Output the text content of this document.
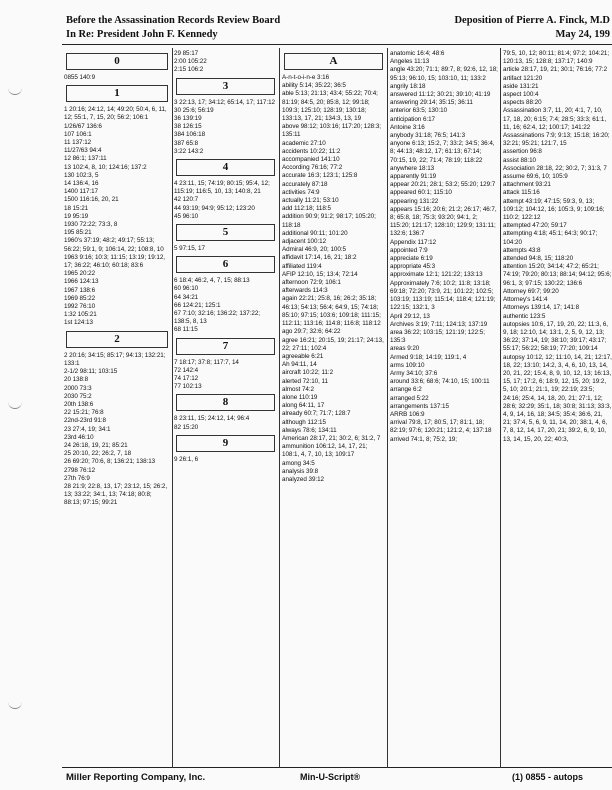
Before the Assassination Records Review Board
In Re: President John F. Kennedy
Deposition of Pierre A. Finck, M.D
May 24, 199
0
0855 140:9
1
1 20:16; 24:12, 14; 49:20; 50:4, 6, 11, 12; 55:1, 7, 15, 20; 56:2; 106:1
1/26/67 136:6
107 106:1
11 137:12
11/27/63 94:4
12 86:1; 137:11
13 102:4, 8, 10; 124:16; 137:2
130 102:3, 5
14 136:4, 16
1400 117:17
1500 116:16, 20, 21
18 15:21
19 95:19
1930 72:22; 73:3, 8
195 85:21
1960's 37:19; 48:2; 49:17; 55:13; 56:22; 59:1, 9; 106:14, 22; 108:8, 10
1963 9:16; 10:3; 11:15; 13:19; 19:12, 17; 36:22; 46:10; 60:18; 83:6
1965 20:22
1966 124:13
1967 138:6
1969 85:22
1992 76:10
1:32 105:21
1st 124:13
2
2 20:16; 34:15; 85:17; 94:13; 132:21; 133:1
2-1/2 98:11; 103:15
20 138:8
2000 73:3
2030 75:2
20th 138:6
22 15:21; 76:8
22nd-23rd 91:8
23 27:4, 19; 34:1
23rd 46:10
24 26:18, 19, 21; 85:21
25 20:10, 22; 26:2, 7, 18
26 69:20; 70:6, 8; 136:21; 138:13
2798 76:12
27th 76:9
28 21:9; 22:8, 13, 17; 23:12, 15; 26:2, 13; 33:22; 34:1, 13; 74:18; 80:8; 88:13; 97:15; 99:21
29 85:17
2:00 105:22
2:15 106:2
3
3 22:13, 17; 34:12; 65:14, 17; 117:12
30 25:6; 56:19
36 139:19
38 126:15
384 106:18
387 65:8
3:22 143:2
4
4 23:11, 15; 74:19; 80:15; 95:4, 12; 115:19; 116:5, 10, 13; 140:8, 21
42 120:7
44 93:19; 94:9; 95:12; 123:20
45 96:10
5
5 97:15, 17
6
6 18:4; 46:2, 4, 7, 15; 88:13
60 96:10
64 34:21
66 124:21; 125:1
67 7:10; 32:16; 136:22; 137:22; 138:5, 8, 13
68 11:15
7
7 18:17; 37:8; 117:7, 14
72 142:4
74 17:12
77 102:13
8
8 23:11, 15; 24:12, 14; 96:4
82 15:20
9
9 26:1, 6
A
A-n-t-o-i-n-e 3:16
ability 5:14; 35:22; 36:5
able 5:13; 21:13; 43:4; 55:22; 70:4; 81:19; 84:5, 20; 85:8, 12; 99:18; 109:3; 125:10; 128:19; 130:18; 133:13, 17, 21; 134:3, 13, 19
above 98:12; 103:16; 117:20; 128:3; 135:11
academic 27:10
accidents 10:22; 11:2
accompanied 141:10
According 76:16; 77:2
accurate 16:3; 123:1; 125:8
accurately 87:18
activities 74:9
actually 11:21; 53:10
add 112:18; 118:5
addition 90:9; 91:2; 98:17; 105:20; 118:18
additional 90:11; 101:20
adjacent 100:12
Admiral 46:9, 20; 100:5
affidavit 17:14, 16, 21; 18:2
affiliated 119:4
AFIP 12:10, 15; 13:4; 72:14
afternoon 72:9; 106:1
afterwards 114:3
again 22:21; 25:8, 16; 26:2; 35:18; 46:13; 54:13; 56:4; 64:9, 15; 74:18; 85:10; 97:15; 103:6; 109:18; 111:15; 112:11; 113:16; 114:8; 116:8; 118:12
ago 29:7; 32:6; 64:22
agree 16:21; 20:15, 19; 21:17; 24:13, 22; 27:11; 102:4
agreeable 6:21
Ah 94:11, 14
aircraft 10:22; 11:2
alerted 72:10, 11
almost 74:2
alone 110:19
along 64:11, 17
already 60:7; 71:7; 128:7
although 112:15
always 78:6; 134:11
American 28:17, 21; 30:2, 6; 31:2, 7
ammunition 106:12, 14, 17, 21; 108:1, 4, 7, 10, 13; 109:17
among 34:5
analysis 39:8
analyzed 39:12
anatomic 16:4; 48:6
Angeles 11:13
angle 43:20; 71:1; 89:7, 8; 92:6, 12, 18; 95:13; 96:10, 15; 103:10, 11; 133:2
angrily 18:18
answered 11:12; 30:21; 39:10; 41:19
answering 29:14; 35:15; 36:11
anterior 63:5; 130:10
anticipation 6:17
Antoine 3:16
anybody 31:18; 76:5; 141:3
anyone 6:13; 15:2, 7; 33:2; 34:5; 36:4, 8; 44:13; 48:12, 17; 61:13; 67:14; 70:15, 19, 22; 71:4; 78:19; 118:22
anywhere 18:13
apparently 91:19
appear 20:21; 28:1; 53:2; 55:20; 129:7
appeared 60:1; 115:10
appearing 131:22
appears 15:16; 20:6; 21:2; 26:17; 46:7, 8; 65:8, 18; 75:3; 93:20; 94:1, 2; 115:20; 121:17; 128:10; 129:9; 131:11; 132:6; 136:7
Appendix 117:12
appointed 7:9
appreciate 6:19
appropriate 45:3
approximate 12:1; 121:22; 133:13
Approximately 7:6; 10:2; 11:8; 13:18; 69:18; 72:20; 73:9, 21; 101:22; 102:5; 103:19; 113:19; 115:14; 118:4; 121:19; 122:15; 132:1, 3
April 29:12, 13
Archives 3:19; 7:11; 124:13; 137:19
area 36:22; 103:15; 121:19; 122:5; 135:3
areas 9:20
Armed 9:18; 14:19; 119:1, 4
arms 109:10
Army 34:10; 37:6
around 33:6; 68:6; 74:10, 15; 100:11
arrange 6:2
arranged 5:22
arrangements 137:15
ARRB 106:9
arrival 79:8, 17; 80:5, 17; 81:1, 18; 82:19; 97:6; 120:21; 121:2, 4; 137:18
arrived 74:1, 8; 75:2, 19;
79:5, 10, 12; 80:11; 81:4; 97:2; 104:21; 120:13, 15; 128:8; 137:17; 140:9
article 28:17, 19, 21; 30:1; 76:16; 77:2
artifact 121:20
aside 131:21
aspect 100:4
aspects 88:20
Assassination 3:7, 11, 20; 4:1, 7, 10, 17, 18, 20; 6:15; 7:4; 28:5; 33:3; 61:1, 11, 16; 62:4, 12; 100:17; 141:22
Assassinations 7:9; 9:13; 15:18; 16:20; 32:21; 95:21; 121:7, 15
assertion 96:8
assist 88:10
Association 28:18, 22; 30:2, 7; 31:3, 7
assume 69:6, 10; 105:9
attachment 93:21
attack 115:16
attempt 43:19; 47:15; 59:3, 9, 13; 109:12; 104:12, 16; 105:3, 9; 109:16; 110:2; 122:12
attempted 47:20; 59:17
attempting 4:18; 45:1; 64:3; 90:17; 104:20
attempts 43:8
attended 94:8, 15; 118:20
attention 15:20; 34:14; 47:2; 65:21; 74:19; 79:20; 80:13; 88:14; 94:12; 95:6; 96:1, 3; 97:15; 130:22; 136:6
Attorney 69:7; 99:20
Attorney's 141:4
Attorneys 139:14, 17; 141:8
authentic 123:5
autopsies 10:6, 17, 19, 20, 22; 11:3, 6, 9, 18; 12:10, 14; 13:1, 2, 5, 9, 12, 13; 36:22; 37:14, 19; 38:10; 39:17; 43:17; 55:17; 56:22; 58:19; 77:20; 109:14
autopsy 10:12, 12; 11:10, 14, 21; 12:17, 18, 22; 13:10; 14:2, 3, 4, 6, 10, 13, 14, 20, 21, 22; 15:4, 8, 9, 10, 12, 13; 16:13, 15, 17; 17:2, 6; 18:9, 12, 15, 20; 19:2, 5, 10; 20:1; 21:1, 19; 22:19; 23:5; 24:16; 25:4, 14, 18, 20, 21; 27:1, 12; 28:6; 32:29; 35:1, 18; 30:8; 31:13; 33:3, 4, 9, 14, 16, 18; 34:5; 35:4; 36:6, 21, 21; 37:4, 5, 6, 9, 11, 14, 20; 38:1, 4, 6, 7, 8, 12, 14, 17, 20, 21; 39:2, 6, 9, 10, 13, 14, 15, 20, 22; 40:3,
Miller Reporting Company, Inc.	Min-U-Script®	(1) 0855 - autops
